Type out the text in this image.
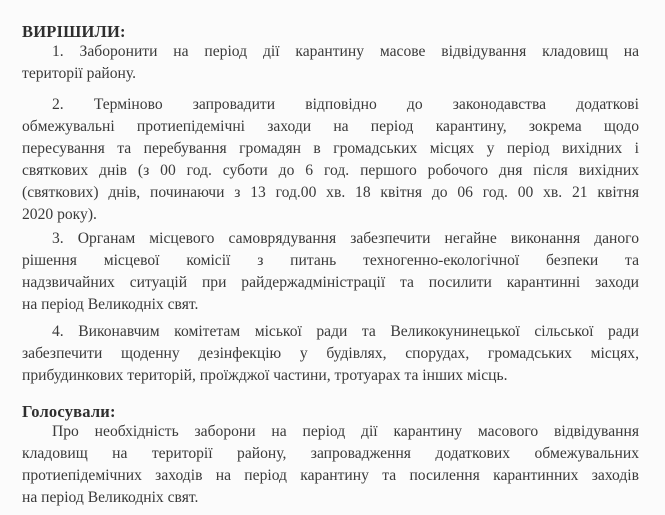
ВИРІШИЛИ:
1. Заборонити на період дії карантину масове відвідування кладовищ на
території району.
2. Терміново запровадити відповідно до законодавства додаткові
обмежувальні протиепідемічні заходи на період карантину, зокрема щодо
пересування та перебування громадян в громадських місцях у період вихідних і
святкових днів (з 00 год. суботи до 6 год. першого робочого дня після вихідних
(святкових) днів, починаючи з 13 год.00 хв. 18 квітня до 06 год. 00 хв. 21 квітня
2020 року).
3. Органам місцевого самоврядування забезпечити негайне виконання даного
рішення місцевої комісії з питань техногенно-екологічної безпеки та
надзвичайних ситуацій при райдержадміністрації та посилити карантинні заходи
на період Великодніх свят.
4. Виконавчим комітетам міської ради та Великокунинецької сільської ради
забезпечити щоденну дезінфекцію у будівлях, спорудах, громадських місцях,
прибудинкових територій, проїжджої частини, тротуарах та інших місць.
Голосували:
Про необхідність заборони на період дії карантину масового відвідування
кладовищ на території району, запровадження додаткових обмежувальних
протиепідемічних заходів на період карантину та посилення карантинних заходів
на період Великодніх свят.
